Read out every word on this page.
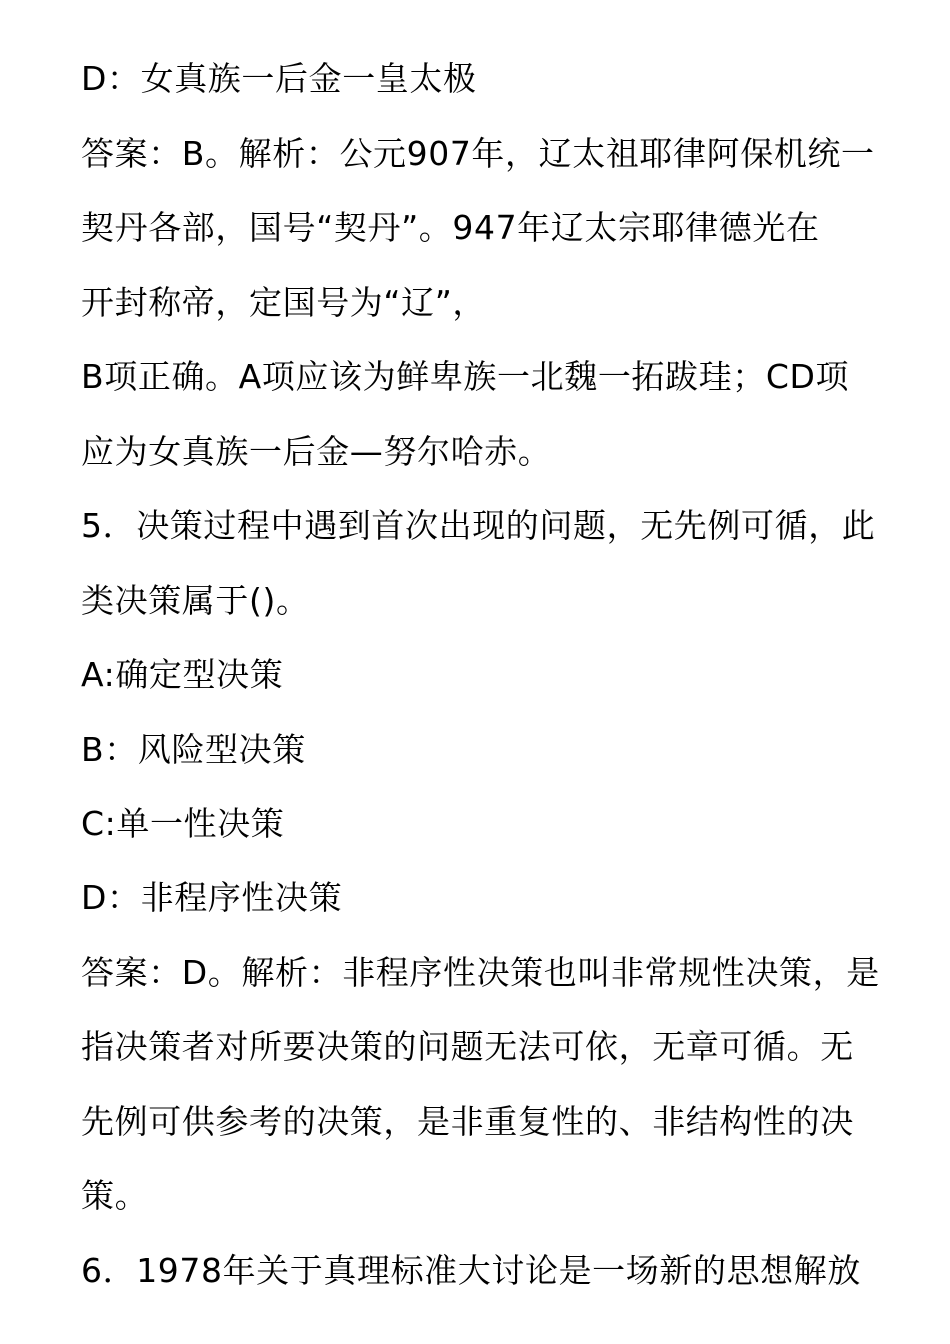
D：女真族一后金一皇太极
答案：B。解析：公元907年，辽太祖耶律阿保机统一
契丹各部，国号“契丹”。947年辽太宗耶律德光在
开封称帝，定国号为“辽”，
B项正确。A项应该为鲜卑族一北魏一拓跋珪；CD项
应为女真族一后金—努尔哈赤。
5．决策过程中遇到首次出现的问题，无先例可循，此
类决策属于()。
A:确定型决策
B：风险型决策
C:单一性决策
D：非程序性决策
答案：D。解析：非程序性决策也叫非常规性决策，是
指决策者对所要决策的问题无法可依，无章可循。无
先例可供参考的决策，是非重复性的、非结构性的决
策。
6．1978年关于真理标准大讨论是一场新的思想解放
